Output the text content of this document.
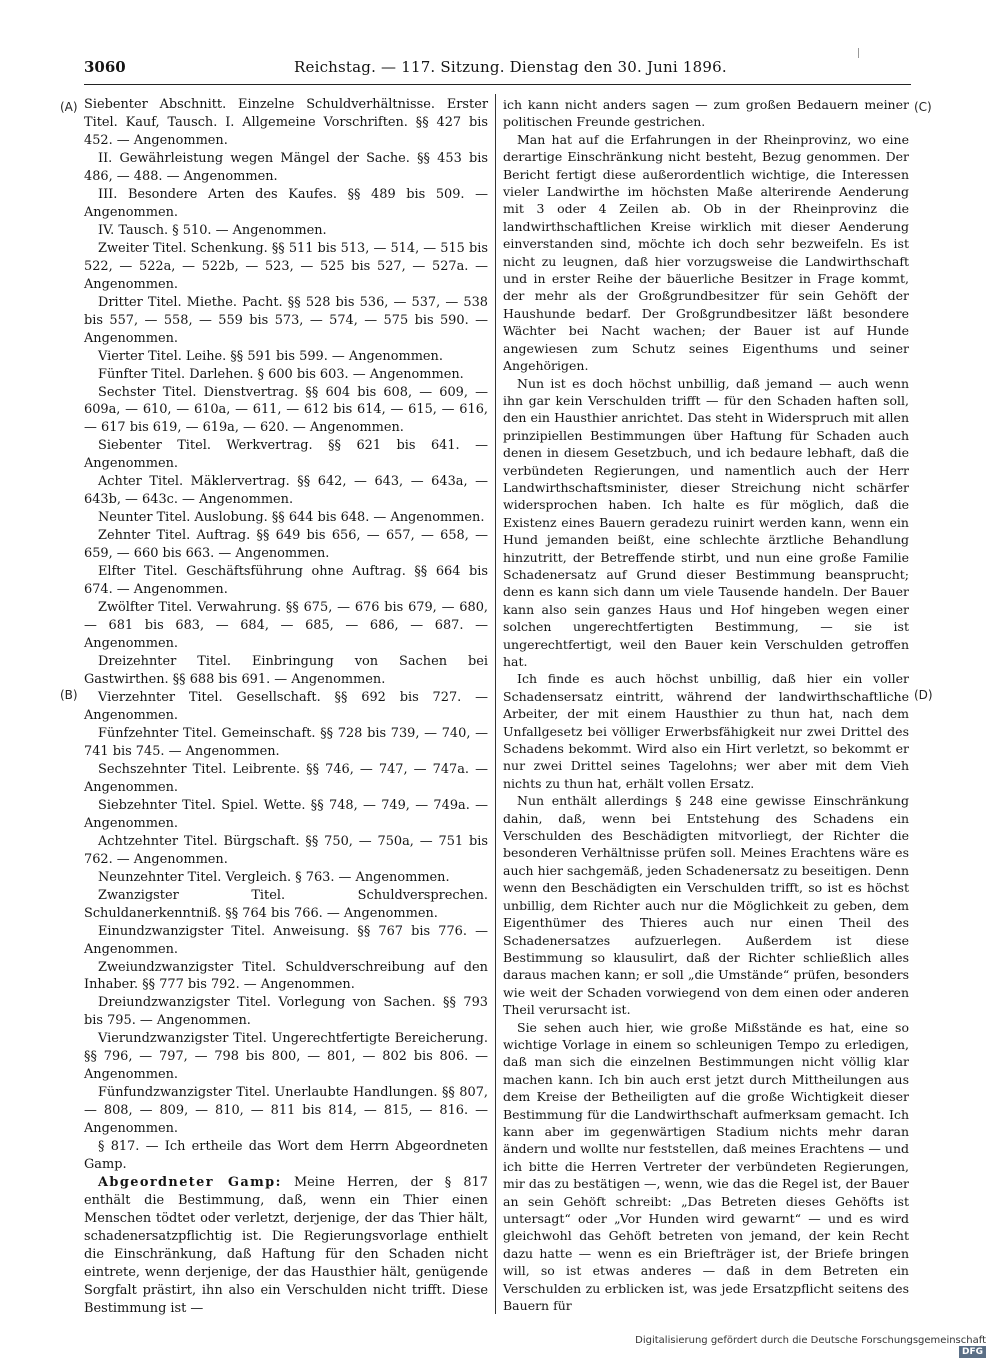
3060	Reichstag. — 117. Sitzung. Dienstag den 30. Juni 1896.
(A)
(B)
(C)
(D)

Siebenter Abschnitt. Einzelne Schuldverhältnisse. Erster Titel. Kauf, Tausch. I. Allgemeine Vorschriften. §§ 427 bis 452. — Angenommen.

II. Gewährleistung wegen Mängel der Sache. §§ 453 bis 486, — 488. — Angenommen.

III. Besondere Arten des Kaufes. §§ 489 bis 509. — Angenommen.

IV. Tausch. § 510. — Angenommen.

Zweiter Titel. Schenkung. §§ 511 bis 513, — 514, — 515 bis 522, — 522a, — 522b, — 523, — 525 bis 527, — 527a. — Angenommen.

Dritter Titel. Miethe. Pacht. §§ 528 bis 536, — 537, — 538 bis 557, — 558, — 559 bis 573, — 574, — 575 bis 590. — Angenommen.

Vierter Titel. Leihe. §§ 591 bis 599. — Angenommen.

Fünfter Titel. Darlehen. § 600 bis 603. — Angenommen.

Sechster Titel. Dienstvertrag. §§ 604 bis 608, — 609, — 609a, — 610, — 610a, — 611, — 612 bis 614, — 615, — 616, — 617 bis 619, — 619a, — 620. — Angenommen.

Siebenter Titel. Werkvertrag. §§ 621 bis 641. — Angenommen.

Achter Titel. Mäklervertrag. §§ 642, — 643, — 643a, — 643b, — 643c. — Angenommen.

Neunter Titel. Auslobung. §§ 644 bis 648. — Angenommen.

Zehnter Titel. Auftrag. §§ 649 bis 656, — 657, — 658, — 659, — 660 bis 663. — Angenommen.

Elfter Titel. Geschäftsführung ohne Auftrag. §§ 664 bis 674. — Angenommen.

Zwölfter Titel. Verwahrung. §§ 675, — 676 bis 679, — 680, — 681 bis 683, — 684, — 685, — 686, — 687. — Angenommen.

Dreizehnter Titel. Einbringung von Sachen bei Gastwirthen. §§ 688 bis 691. — Angenommen.

Vierzehnter Titel. Gesellschaft. §§ 692 bis 727. — Angenommen.

Fünfzehnter Titel. Gemeinschaft. §§ 728 bis 739, — 740, — 741 bis 745. — Angenommen.

Sechszehnter Titel. Leibrente. §§ 746, — 747, — 747a. — Angenommen.

Siebzehnter Titel. Spiel. Wette. §§ 748, — 749, — 749a. — Angenommen.

Achtzehnter Titel. Bürgschaft. §§ 750, — 750a, — 751 bis 762. — Angenommen.

Neunzehnter Titel. Vergleich. § 763. — Angenommen.

Zwanzigster Titel. Schuldversprechen. Schuldanerkenntniß. §§ 764 bis 766. — Angenommen.

Einundzwanzigster Titel. Anweisung. §§ 767 bis 776. — Angenommen.

Zweiundzwanzigster Titel. Schuldverschreibung auf den Inhaber. §§ 777 bis 792. — Angenommen.

Dreiundzwanzigster Titel. Vorlegung von Sachen. §§ 793 bis 795. — Angenommen.

Vierundzwanzigster Titel. Ungerechtfertigte Bereicherung. §§ 796, — 797, — 798 bis 800, — 801, — 802 bis 806. — Angenommen.

Fünfundzwanzigster Titel. Unerlaubte Handlungen. §§ 807, — 808, — 809, — 810, — 811 bis 814, — 815, — 816. — Angenommen.

§ 817. — Ich ertheile das Wort dem Herrn Abgeordneten Gamp.

Abgeordneter Gamp: Meine Herren, der § 817 enthält die Bestimmung, daß, wenn ein Thier einen Menschen tödtet oder verletzt, derjenige, der das Thier hält, schadenersatzpflichtig ist. Die Regierungsvorlage enthielt die Einschränkung, daß Haftung für den Schaden nicht eintrete, wenn derjenige, der das Hausthier hält, genügende Sorgfalt prästirt, ihn also ein Verschulden nicht trifft. Diese Bestimmung ist —

ich kann nicht anders sagen — zum großen Bedauern meiner politischen Freunde gestrichen.

Man hat auf die Erfahrungen in der Rheinprovinz, wo eine derartige Einschränkung nicht besteht, Bezug genommen. Der Bericht fertigt diese außerordentlich wichtige, die Interessen vieler Landwirthe im höchsten Maße alterirende Aenderung mit 3 oder 4 Zeilen ab. Ob in der Rheinprovinz die landwirthschaftlichen Kreise wirklich mit dieser Aenderung einverstanden sind, möchte ich doch sehr bezweifeln. Es ist nicht zu leugnen, daß hier vorzugsweise die Landwirthschaft und in erster Reihe der bäuerliche Besitzer in Frage kommt, der mehr als der Großgrundbesitzer für sein Gehöft der Haushunde bedarf. Der Großgrundbesitzer läßt besondere Wächter bei Nacht wachen; der Bauer ist auf Hunde angewiesen zum Schutz seines Eigenthums und seiner Angehörigen.

Nun ist es doch höchst unbillig, daß jemand — auch wenn ihn gar kein Verschulden trifft — für den Schaden haften soll, den ein Hausthier anrichtet. Das steht in Widerspruch mit allen prinzipiellen Bestimmungen über Haftung für Schaden auch denen in diesem Gesetzbuch, und ich bedaure lebhaft, daß die verbündeten Regierungen, und namentlich auch der Herr Landwirthschaftsminister, dieser Streichung nicht schärfer widersprochen haben. Ich halte es für möglich, daß die Existenz eines Bauern geradezu ruinirt werden kann, wenn ein Hund jemanden beißt, eine schlechte ärztliche Behandlung hinzutritt, der Betreffende stirbt, und nun eine große Familie Schadenersatz auf Grund dieser Bestimmung beansprucht; denn es kann sich dann um viele Tausende handeln. Der Bauer kann also sein ganzes Haus und Hof hingeben wegen einer solchen ungerechtfertigten Bestimmung, — sie ist ungerechtfertigt, weil den Bauer kein Verschulden getroffen hat.

Ich finde es auch höchst unbillig, daß hier ein voller Schadensersatz eintritt, während der landwirthschaftliche Arbeiter, der mit einem Hausthier zu thun hat, nach dem Unfallgesetz bei völliger Erwerbsfähigkeit nur zwei Drittel des Schadens bekommt. Wird also ein Hirt verletzt, so bekommt er nur zwei Drittel seines Tagelohns; wer aber mit dem Vieh nichts zu thun hat, erhält vollen Ersatz.

Nun enthält allerdings § 248 eine gewisse Einschränkung dahin, daß, wenn bei Entstehung des Schadens ein Verschulden des Beschädigten mitvorliegt, der Richter die besonderen Verhältnisse prüfen soll. Meines Erachtens wäre es auch hier sachgemäß, jeden Schadenersatz zu beseitigen. Denn wenn den Beschädigten ein Verschulden trifft, so ist es höchst unbillig, dem Richter auch nur die Möglichkeit zu geben, dem Eigenthümer des Thieres auch nur einen Theil des Schadenersatzes aufzuerlegen. Außerdem ist diese Bestimmung so klausulirt, daß der Richter schließlich alles daraus machen kann; er soll „die Umstände“ prüfen, besonders wie weit der Schaden vorwiegend von dem einen oder anderen Theil verursacht ist.

Sie sehen auch hier, wie große Mißstände es hat, eine so wichtige Vorlage in einem so schleunigen Tempo zu erledigen, daß man sich die einzelnen Bestimmungen nicht völlig klar machen kann. Ich bin auch erst jetzt durch Mittheilungen aus dem Kreise der Betheiligten auf die große Wichtigkeit dieser Bestimmung für die Landwirthschaft aufmerksam gemacht. Ich kann aber im gegenwärtigen Stadium nichts mehr daran ändern und wollte nur feststellen, daß meines Erachtens — und ich bitte die Herren Vertreter der verbündeten Regierungen, mir das zu bestätigen —, wenn, wie das die Regel ist, der Bauer an sein Gehöft schreibt: „Das Betreten dieses Gehöfts ist untersagt“ oder „Vor Hunden wird gewarnt“ — und es wird gleichwohl das Gehöft betreten von jemand, der kein Recht dazu hatte — wenn es ein Briefträger ist, der Briefe bringen will, so ist etwas anderes — daß in dem Betreten ein Verschulden zu erblicken ist, was jede Ersatzpflicht seitens des Bauern für

Digitalisierung gefördert durch die Deutsche Forschungsgemeinschaft DFG
